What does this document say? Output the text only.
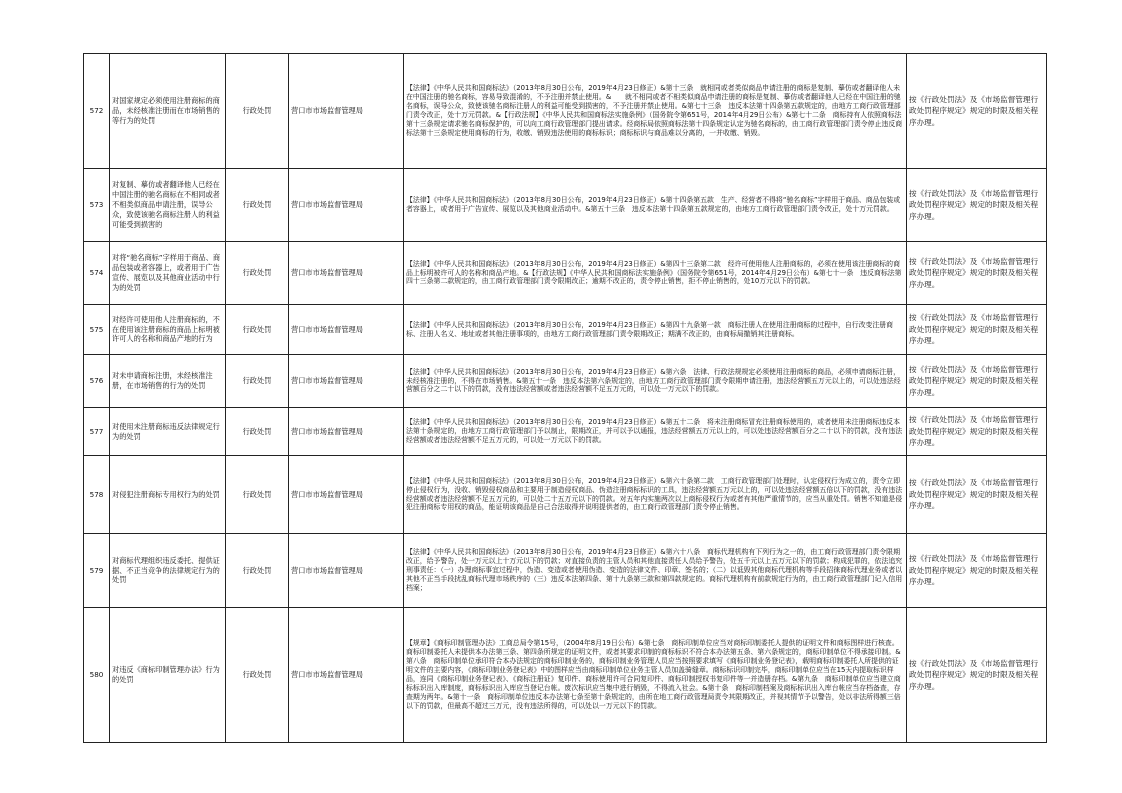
572	对国家规定必须使用注册商标的商品，未经核准注册而在市场销售的等行为的处罚	行政处罚	营口市市场监督管理局	【法律】《中华人民共和国商标法》（2013年8月30日公布，2019年4月23日修正）&第十三条　就相同或者类似商品申请注册的商标是复制、摹仿或者翻译他人未在中国注册的驰名商标，容易导致混淆的，不予注册并禁止使用。&　　就不相同或者不相类似商品申请注册的商标是复制、摹仿或者翻译他人已经在中国注册的驰名商标，误导公众，致使该驰名商标注册人的利益可能受到损害的，不予注册并禁止使用。&第七十三条　违反本法第十四条第五款规定的，由地方工商行政管理部门责令改正，处十万元罚款。&【行政法规】《中华人民共和国商标法实施条例》（国务院令第651号，2014年4月29日公布）&第七十二条　商标持有人依照商标法第十三条规定请求驰名商标保护的，可以向工商行政管理部门提出请求。经商标局依照商标法第十四条规定认定为驰名商标的，由工商行政管理部门责令停止违反商标法第十三条规定使用商标的行为，收缴、销毁违法使用的商标标识；商标标识与商品难以分离的，一并收缴、销毁。	按《行政处罚法》及《市场监督管理行政处罚程序规定》规定的时限及相关程序办理。
573	对复制、摹仿或者翻译他人已经在中国注册的驰名商标在不相同或者不相类似商品申请注册，误导公众，致使该驰名商标注册人的利益可能受到损害的	行政处罚	营口市市场监督管理局	【法律】《中华人民共和国商标法》（2013年8月30日公布，2019年4月23日修正）&第十四条第五款　生产、经营者不得将“驰名商标”字样用于商品、商品包装或者容器上，或者用于广告宣传、展览以及其他商业活动中。&第五十三条　违反本法第十四条第五款规定的，由地方工商行政管理部门责令改正，处十万元罚款。	按《行政处罚法》及《市场监督管理行政处罚程序规定》规定的时限及相关程序办理。
574	对将“驰名商标”字样用于商品、商品包装或者容器上，或者用于广告宣传、展览以及其他商业活动中行为的处罚	行政处罚	营口市市场监督管理局	【法律】《中华人民共和国商标法》（2013年8月30日公布，2019年4月23日修正）&第四十三条第二款　经许可使用他人注册商标的，必须在使用该注册商标的商品上标明被许可人的名称和商品产地。&【行政法规】《中华人民共和国商标法实施条例》（国务院令第651号，2014年4月29日公布）&第七十一条　违反商标法第四十三条第二款规定的，由工商行政管理部门责令限期改正；逾期不改正的，责令停止销售，拒不停止销售的，处10万元以下的罚款。	按《行政处罚法》及《市场监督管理行政处罚程序规定》规定的时限及相关程序办理。
575	对经许可使用他人注册商标的，不在使用该注册商标的商品上标明被许可人的名称和商品产地的行为	行政处罚	营口市市场监督管理局	【法律】《中华人民共和国商标法》（2013年8月30日公布，2019年4月23日修正）&第四十九条第一款　商标注册人在使用注册商标的过程中，自行改变注册商标、注册人名义、地址或者其他注册事项的，由地方工商行政管理部门责令限期改正；期满不改正的，由商标局撤销其注册商标。	按《行政处罚法》及《市场监督管理行政处罚程序规定》规定的时限及相关程序办理。
576	对未申请商标注册，未经核准注册，在市场销售的行为的处罚	行政处罚	营口市市场监督管理局	【法律】《中华人民共和国商标法》（2013年8月30日公布，2019年4月23日修正）&第六条　法律、行政法规规定必须使用注册商标的商品，必须申请商标注册，未经核准注册的，不得在市场销售。&第五十一条　违反本法第六条规定的，由地方工商行政管理部门责令限期申请注册，违法经营额五万元以上的，可以处违法经营额百分之二十以下的罚款，没有违法经营额或者违法经营额不足五万元的，可以处一万元以下的罚款。	按《行政处罚法》及《市场监督管理行政处罚程序规定》规定的时限及相关程序办理。
577	对使用未注册商标违反法律规定行为的处罚	行政处罚	营口市市场监督管理局	【法律】《中华人民共和国商标法》（2013年8月30日公布，2019年4月23日修正）&第五十二条　将未注册商标冒充注册商标使用的，或者使用未注册商标违反本法第十条规定的，由地方工商行政管理部门予以制止，限期改正，并可以予以通报，违法经营额五万元以上的，可以处违法经营额百分之二十以下的罚款，没有违法经营额或者违法经营额不足五万元的，可以处一万元以下的罚款。	按《行政处罚法》及《市场监督管理行政处罚程序规定》规定的时限及相关程序办理。
578	对侵犯注册商标专用权行为的处罚	行政处罚	营口市市场监督管理局	【法律】《中华人民共和国商标法》（2013年8月30日公布，2019年4月23日修正）&第六十条第二款　工商行政管理部门处理时，认定侵权行为成立的，责令立即停止侵权行为，没收、销毁侵权商品和主要用于制造侵权商品、伪造注册商标标识的工具，违法经营额五万元以上的，可以处违法经营额五倍以下的罚款，没有违法经营额或者违法经营额不足五万元的，可以处二十五万元以下的罚款。对五年内实施两次以上商标侵权行为或者有其他严重情节的，应当从重处罚。销售不知道是侵犯注册商标专用权的商品，能证明该商品是自己合法取得并说明提供者的，由工商行政管理部门责令停止销售。	按《行政处罚法》及《市场监督管理行政处罚程序规定》规定的时限及相关程序办理。
579	对商标代理组织违反委托、提供证据、不正当竞争的法律规定行为的处罚	行政处罚	营口市市场监督管理局	【法律】《中华人民共和国商标法》（2013年8月30日公布，2019年4月23日修正）&第六十八条　商标代理机构有下列行为之一的，由工商行政管理部门责令限期改正，给予警告，处一万元以上十万元以下的罚款；对直接负责的主管人员和其他直接责任人员给予警告，处五千元以上五万元以下的罚款；构成犯罪的，依法追究刑事责任：（一）办理商标事宜过程中，伪造、变造或者使用伪造、变造的法律文件、印章、签名的；（二）以诋毁其他商标代理机构等手段招徕商标代理业务或者以其他不正当手段扰乱商标代理市场秩序的（三）违反本法第四条、第十九条第三款和第四款规定的。商标代理机构有前款规定行为的，由工商行政管理部门记入信用档案；	按《行政处罚法》及《市场监督管理行政处罚程序规定》规定的时限及相关程序办理。
580	对违反《商标印制管理办法》行为的处罚	行政处罚	营口市市场监督管理局	【规章】《商标印制管理办法》工商总局令第15号，（2004年8月19日公布）&第七条　商标印制单位应当对商标印制委托人提供的证明文件和商标图样进行核查。商标印制委托人未提供本办法第三条、第四条所规定的证明文件，或者其要求印制的商标标识不符合本办法第五条、第六条规定的，商标印制单位不得承接印制。&第八条　商标印制单位承印符合本办法规定的商标印制业务的，商标印制业务管理人员应当按照要求填写《商标印制业务登记表》，载明商标印制委托人所提供的证明文件的主要内容，《商标印制业务登记表》中的图样应当由商标印制单位业务主管人员加盖骑缝章。商标标识印制完毕，商标印制单位应当在15天内提取标识样品，连同《商标印制业务登记表》、《商标注册证》复印件、商标使用许可合同复印件、商标印制授权书复印件等一并造册存档。&第九条　商标印制单位应当建立商标标识出入库制度，商标标识出入库应当登记台帐。废次标识应当集中进行销毁，不得流入社会。&第十条　商标印制档案及商标标识出入库台帐应当存档备查，存查期为两年。&第十一条　商标印制单位违反本办法第七条至第十条规定的，由所在地工商行政管理局责令其限期改正，并视其情节予以警告，处以非法所得额三倍以下的罚款，但最高不超过三万元，没有违法所得的，可以处以一万元以下的罚款。	按《行政处罚法》及《市场监督管理行政处罚程序规定》规定的时限及相关程序办理。
